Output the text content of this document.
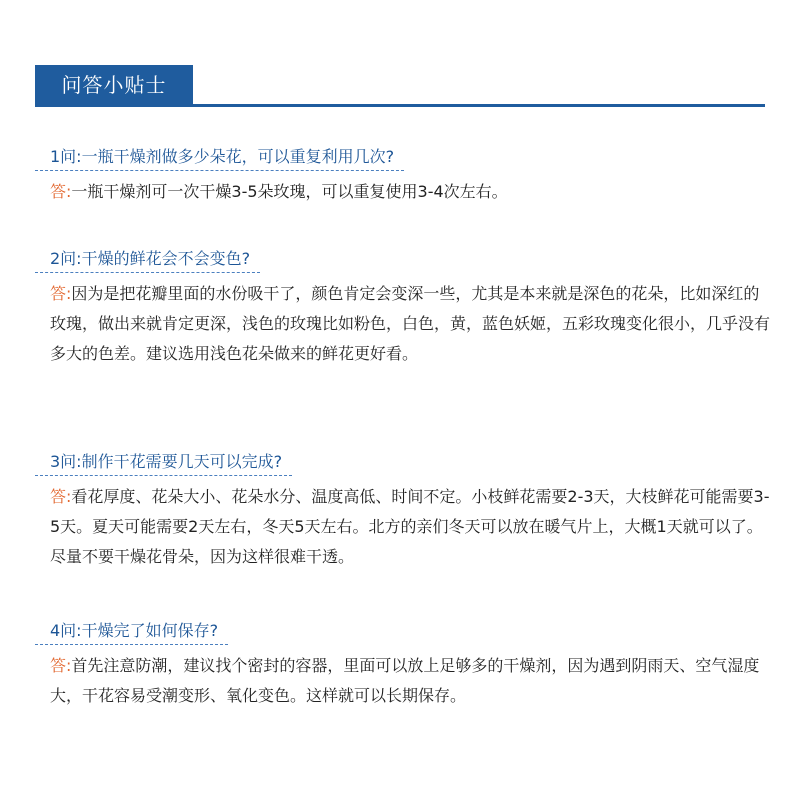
问答小贴士
1问:一瓶干燥剂做多少朵花，可以重复利用几次?
答:一瓶干燥剂可一次干燥3-5朵玫瑰，可以重复使用3-4次左右。
2问:干燥的鲜花会不会变色?
答:因为是把花瓣里面的水份吸干了，颜色肯定会变深一些，尤其是本来就是深色的花朵，比如深红的玫瑰，做出来就肯定更深，浅色的玫瑰比如粉色，白色，黄，蓝色妖姬，五彩玫瑰变化很小，几乎没有多大的色差。建议选用浅色花朵做来的鲜花更好看。
3问:制作干花需要几天可以完成?
答:看花厚度、花朵大小、花朵水分、温度高低、时间不定。小枝鲜花需要2-3天，大枝鲜花可能需要3-5天。夏天可能需要2天左右，冬天5天左右。北方的亲们冬天可以放在暖气片上，大概1天就可以了。尽量不要干燥花骨朵，因为这样很难干透。
4问:干燥完了如何保存?
答:首先注意防潮，建议找个密封的容器，里面可以放上足够多的干燥剂，因为遇到阴雨天、空气湿度大，干花容易受潮变形、氧化变色。这样就可以长期保存。
